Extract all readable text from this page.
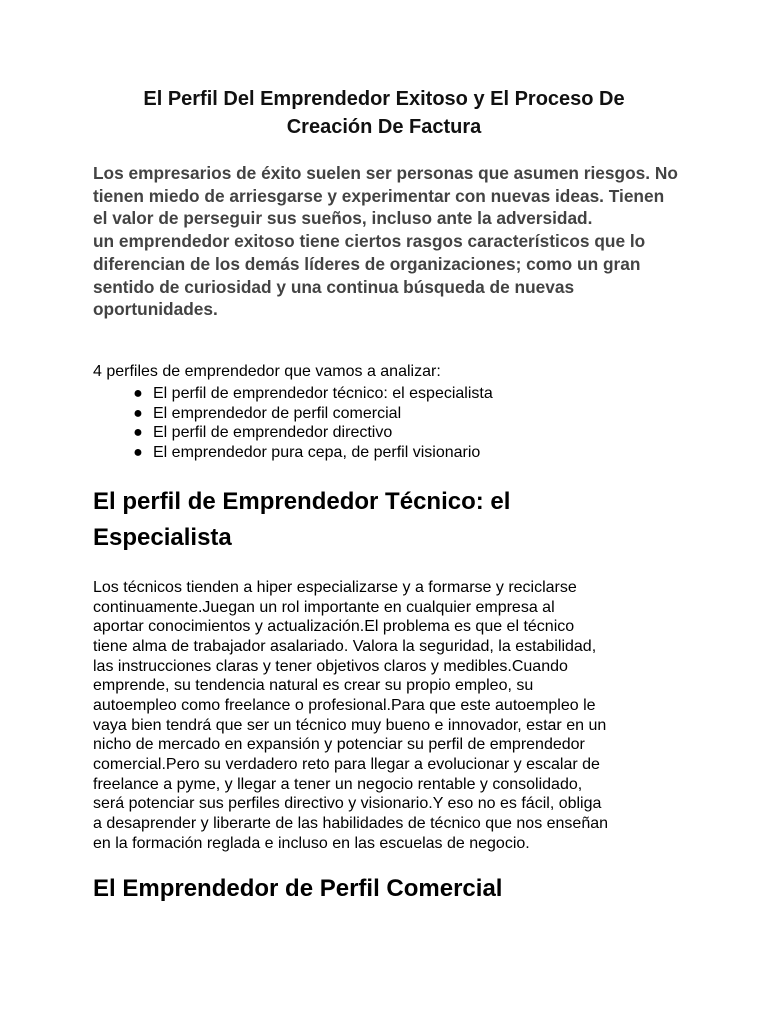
El Perfil Del Emprendedor Exitoso y El Proceso De
Creación De Factura

Los empresarios de éxito suelen ser personas que asumen riesgos. No tienen miedo de arriesgarse y experimentar con nuevas ideas. Tienen el valor de perseguir sus sueños, incluso ante la adversidad.

un emprendedor exitoso tiene ciertos rasgos característicos que lo diferencian de los demás líderes de organizaciones; como un gran sentido de curiosidad y una continua búsqueda de nuevas oportunidades.

4 perfiles de emprendedor que vamos a analizar:

● El perfil de emprendedor técnico: el especialista
● El emprendedor de perfil comercial
● El perfil de emprendedor directivo
● El emprendedor pura cepa, de perfil visionario
El perfil de Emprendedor Técnico: el
Especialista

Los técnicos tienden a hiper especializarse y a formarse y reciclarse
continuamente.Juegan un rol importante en cualquier empresa al
aportar conocimientos y actualización.El problema es que el técnico
tiene alma de trabajador asalariado. Valora la seguridad, la estabilidad,
las instrucciones claras y tener objetivos claros y medibles.Cuando
emprende, su tendencia natural es crear su propio empleo, su
autoempleo como freelance o profesional.Para que este autoempleo le
vaya bien tendrá que ser un técnico muy bueno e innovador, estar en un
nicho de mercado en expansión y potenciar su perfil de emprendedor
comercial.Pero su verdadero reto para llegar a evolucionar y escalar de
freelance a pyme, y llegar a tener un negocio rentable y consolidado,
será potenciar sus perfiles directivo y visionario.Y eso no es fácil, obliga
a desaprender y liberarte de las habilidades de técnico que nos enseñan
en la formación reglada e incluso en las escuelas de negocio.

El Emprendedor de Perfil Comercial
